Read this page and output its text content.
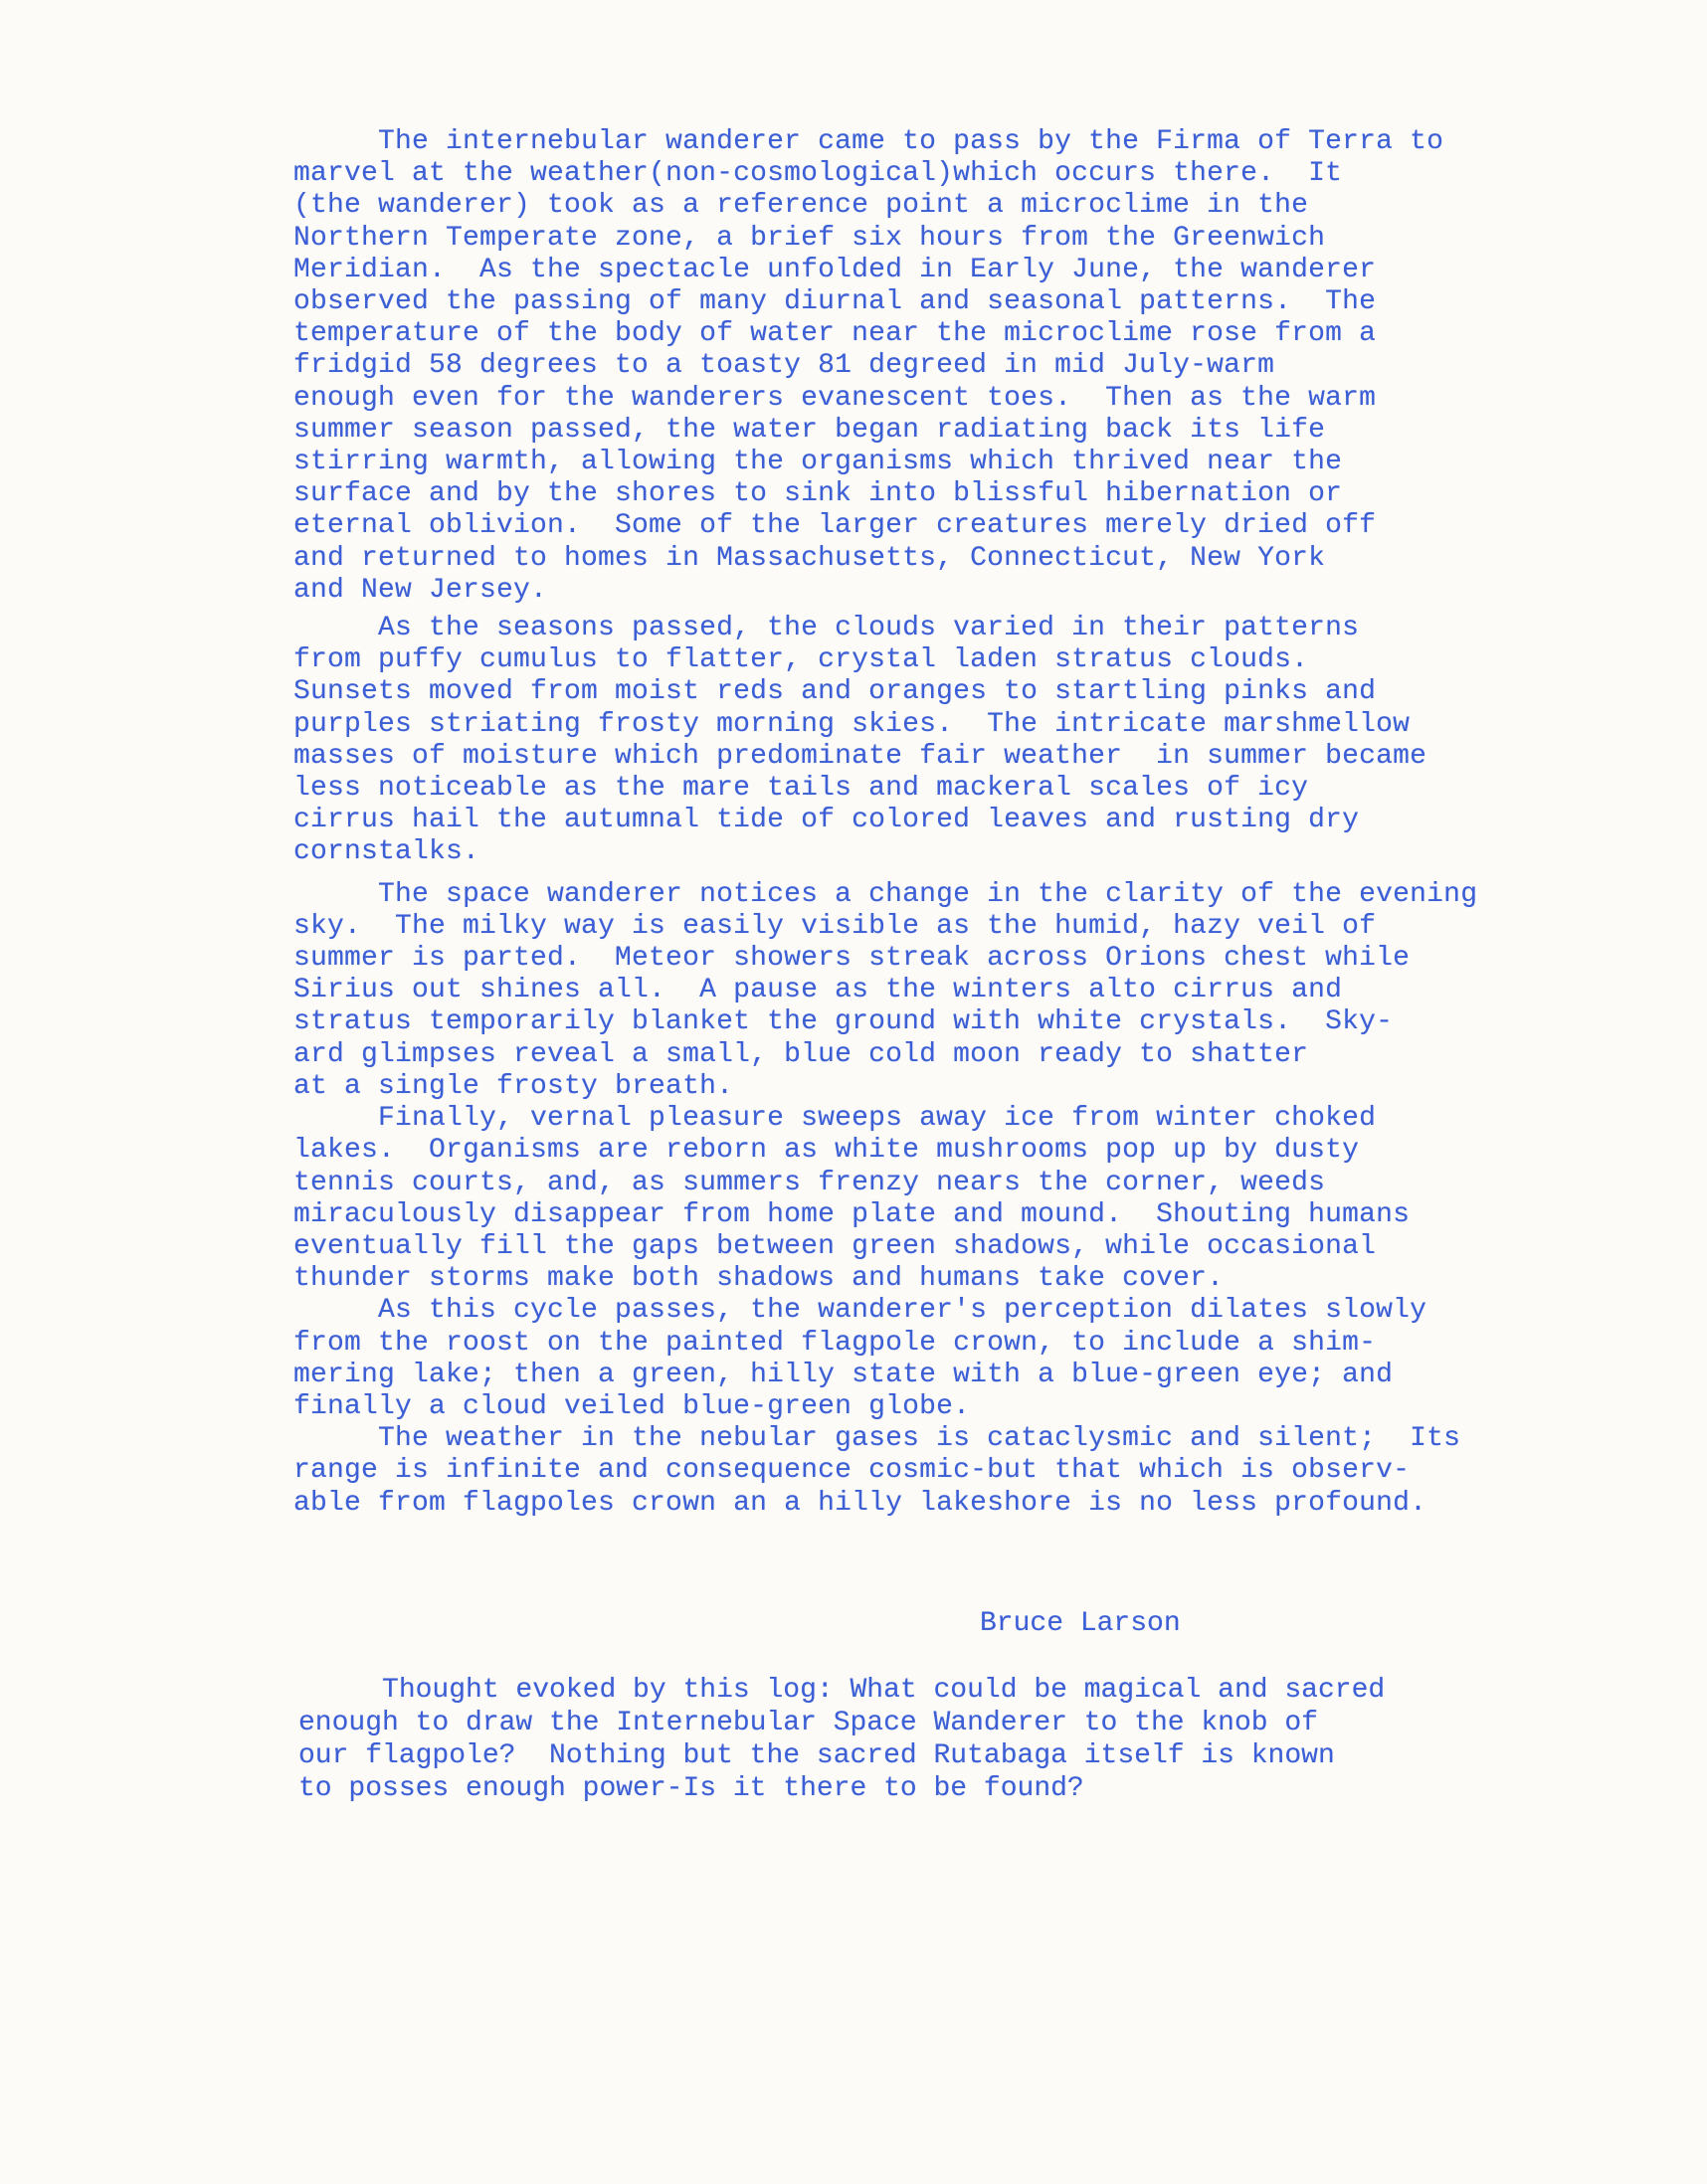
The internebular wanderer came to pass by the Firma of Terra to
marvel at the weather(non-cosmological)which occurs there.  It
(the wanderer) took as a reference point a microclime in the
Northern Temperate zone, a brief six hours from the Greenwich
Meridian.  As the spectacle unfolded in Early June, the wanderer
observed the passing of many diurnal and seasonal patterns.  The
temperature of the body of water near the microclime rose from a
fridgid 58 degrees to a toasty 81 degreed in mid July-warm
enough even for the wanderers evanescent toes.  Then as the warm
summer season passed, the water began radiating back its life
stirring warmth, allowing the organisms which thrived near the
surface and by the shores to sink into blissful hibernation or
eternal oblivion.  Some of the larger creatures merely dried off
and returned to homes in Massachusetts, Connecticut, New York
and New Jersey.
As the seasons passed, the clouds varied in their patterns
from puffy cumulus to flatter, crystal laden stratus clouds.
Sunsets moved from moist reds and oranges to startling pinks and
purples striating frosty morning skies.  The intricate marshmellow
masses of moisture which predominate fair weather  in summer became
less noticeable as the mare tails and mackeral scales of icy
cirrus hail the autumnal tide of colored leaves and rusting dry
cornstalks.
The space wanderer notices a change in the clarity of the evening
sky.  The milky way is easily visible as the humid, hazy veil of
summer is parted.  Meteor showers streak across Orions chest while
Sirius out shines all.  A pause as the winters alto cirrus and
stratus temporarily blanket the ground with white crystals.  Sky-
ard glimpses reveal a small, blue cold moon ready to shatter
at a single frosty breath.
Finally, vernal pleasure sweeps away ice from winter choked
lakes.  Organisms are reborn as white mushrooms pop up by dusty
tennis courts, and, as summers frenzy nears the corner, weeds
miraculously disappear from home plate and mound.  Shouting humans
eventually fill the gaps between green shadows, while occasional
thunder storms make both shadows and humans take cover.
As this cycle passes, the wanderer's perception dilates slowly
from the roost on the painted flagpole crown, to include a shim-
mering lake; then a green, hilly state with a blue-green eye; and
finally a cloud veiled blue-green globe.
The weather in the nebular gases is cataclysmic and silent;  Its
range is infinite and consequence cosmic-but that which is observ-
able from flagpoles crown an a hilly lakeshore is no less profound.
Bruce Larson
Thought evoked by this log: What could be magical and sacred
enough to draw the Internebular Space Wanderer to the knob of
our flagpole?  Nothing but the sacred Rutabaga itself is known
to posses enough power-Is it there to be found?
